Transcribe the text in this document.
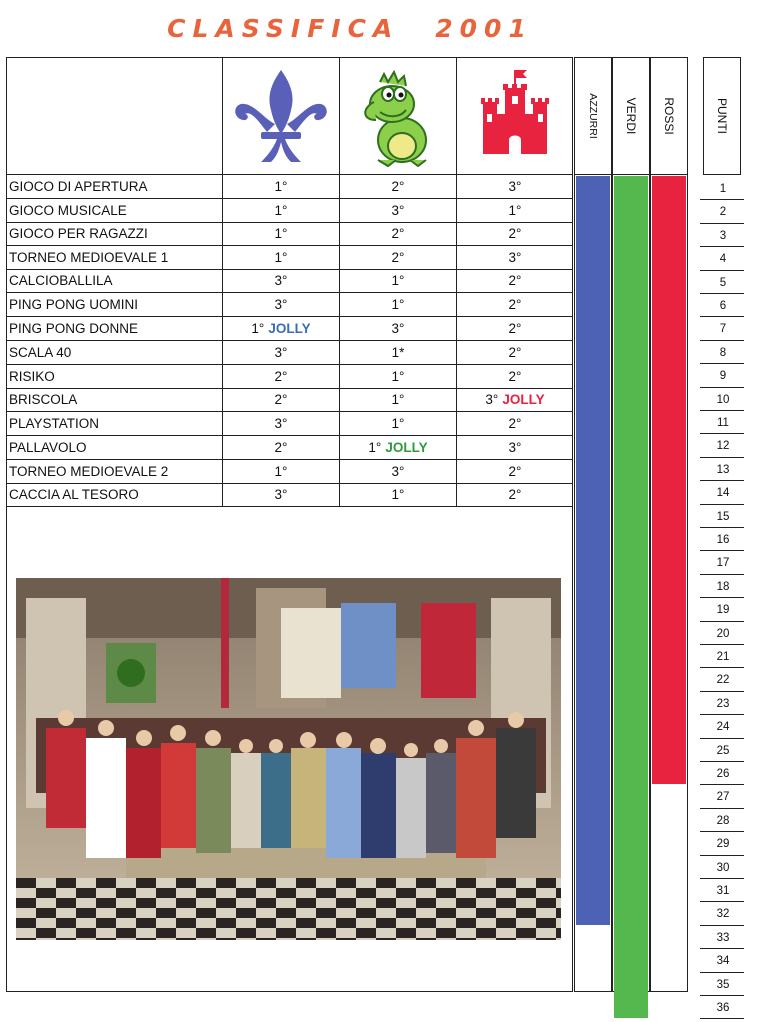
CLASSIFICA 2001
GIOCO DI APERTURA	1°	2°	3°
GIOCO MUSICALE	1°	3°	1°
GIOCO PER RAGAZZI	1°	2°	2°
TORNEO MEDIOEVALE 1	1°	2°	3°
CALCIOBALLILA	3°	1°	2°
PING PONG UOMINI	3°	1°	2°
PING PONG DONNE	1° JOLLY	3°	2°
SCALA 40	3°	1*	2°
RISIKO	2°	1°	2°
BRISCOLA	2°	1°	3° JOLLY
PLAYSTATION	3°	1°	2°
PALLAVOLO	2°	1° JOLLY	3°
TORNEO MEDIOEVALE 2	1°	3°	2°
CACCIA AL TESORO	3°	1°	2°
AZZURRI VERDI ROSSI	PUNTI
1
2
3
4
5
6
7
8
9
10
11
12
13
14
15
16
17
18
19
20
21
22
23
24
25
26
27
28
29
30
31
32
33
34
35
36
